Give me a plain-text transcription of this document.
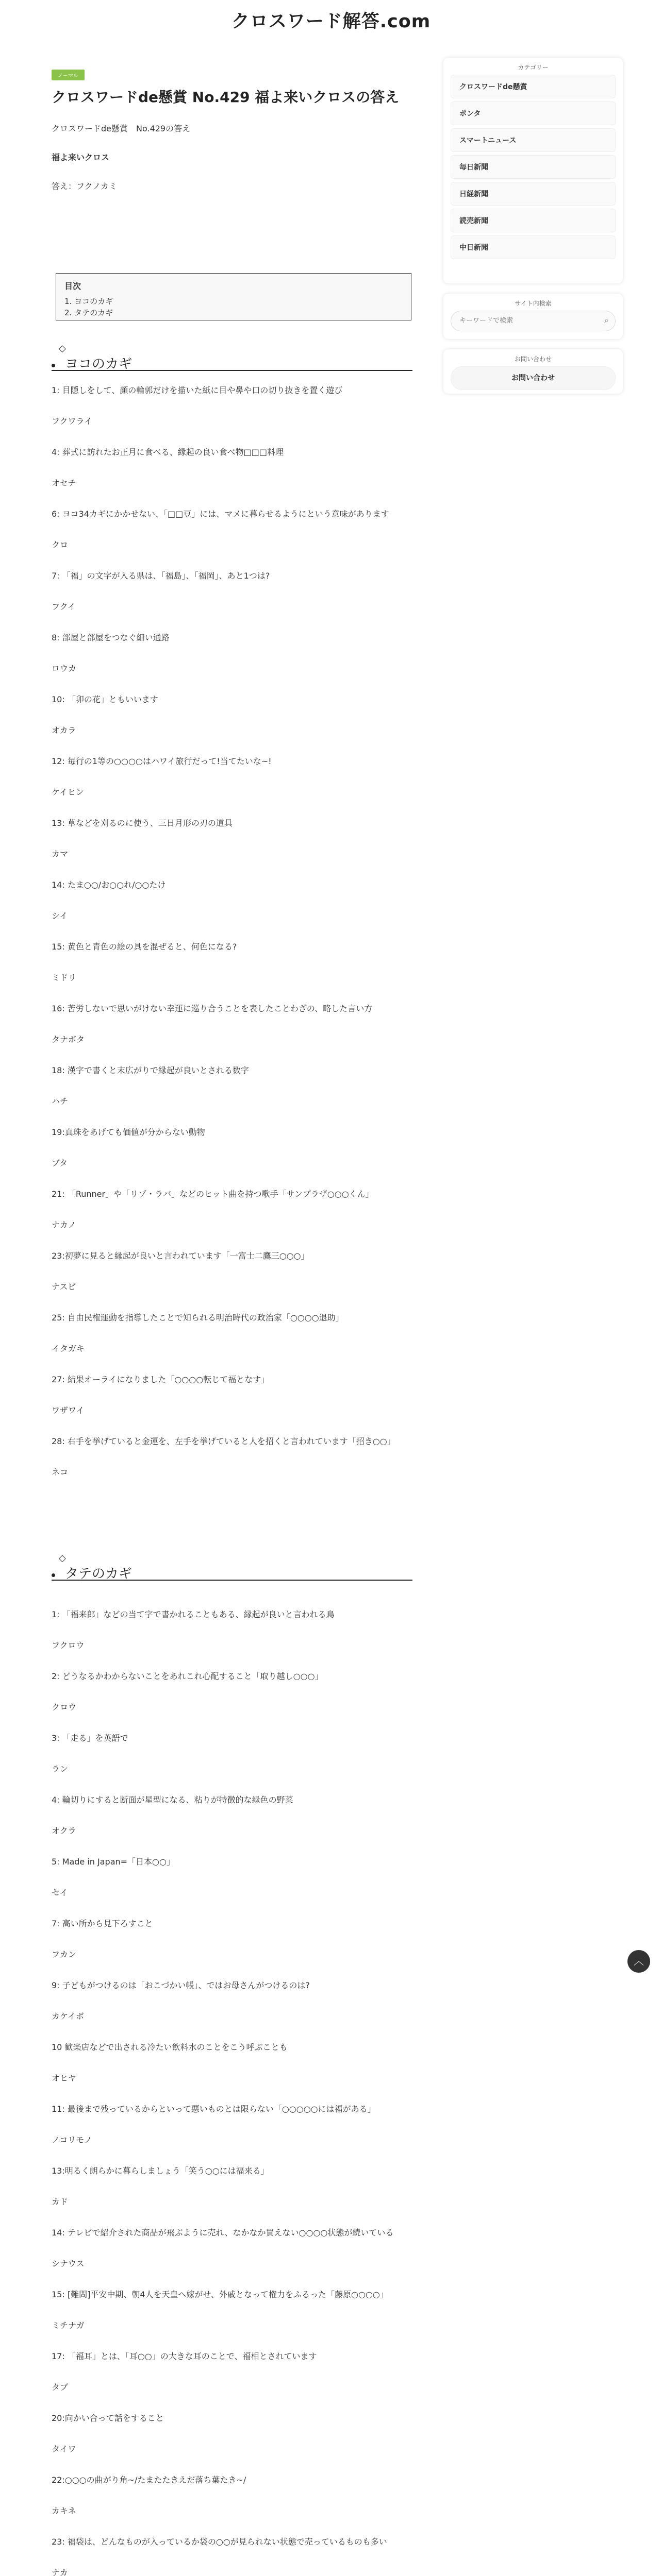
クロスワード解答.com
ノーマル
クロスワードde懸賞 No.429 福よ来いクロスの答え

クロスワードde懸賞　No.429の答え

福よ来いクロス

答え：フクノカミ

目次
1. ヨコのカギ
2. タテのカギ
◇
ヨコのカギ

1: 目隠しをして、顔の輪郭だけを描いた紙に目や鼻や口の切り抜きを置く遊び

フクワライ

4: 葬式に訪れたお正月に食べる、縁起の良い食べ物□□□料理

オセチ

6: ヨコ34カギにかかせない、「□□豆」には、マメに暮らせるようにという意味があります

クロ

7: 「福」の文字が入る県は、「福島」、「福岡」、あと1つは?

フクイ

8: 部屋と部屋をつなぐ細い通路

ロウカ

10: 「卯の花」ともいいます

オカラ

12: 毎行の1等の○○○○はハワイ旅行だって!当てたいな~!

ケイヒン

13: 草などを刈るのに使う、三日月形の刃の道具

カマ

14: たま○○/お○○れ/○○たけ

シイ

15: 黄色と青色の絵の具を混ぜると、何色になる?

ミドリ

16: 苦労しないで思いがけない幸運に巡り合うことを表したことわざの、略した言い方

タナボタ

18: 漢字で書くと末広がりで縁起が良いとされる数字

ハチ

19:真珠をあげても価値が分からない動物

ブタ

21: 「Runner」や「リゾ・ラバ」などのヒット曲を持つ歌手「サンプラザ○○○くん」

ナカノ

23:初夢に見ると縁起が良いと言われています「一富士二鷹三○○○」

ナスビ

25: 自由民権運動を指導したことで知られる明治時代の政治家「○○○○退助」

イタガキ

27: 結果オーライになりました「○○○○転じて福となす」

ワザワイ

28: 右手を挙げていると金運を、左手を挙げていると人を招くと言われています「招き○○」

ネコ

◇
タテのカギ

1: 「福来郎」などの当て字で書かれることもある、縁起が良いと言われる鳥

フクロウ

2: どうなるかわからないことをあれこれ心配すること「取り越し○○○」

クロウ

3: 「走る」を英語で

ラン

4: 輪切りにすると断面が星型になる、粘りが特徴的な緑色の野菜

オクラ

5: Made in Japan=「日本○○」

セイ

7: 高い所から見下ろすこと

フカン

9: 子どもがつけるのは「おこづかい帳」、ではお母さんがつけるのは?

カケイボ

10 歓楽店などで出される冷たい飲料水のことをこう呼ぶことも

オヒヤ

11: 最後まで残っているからといって悪いものとは限らない「○○○○○には福がある」

ノコリモノ

13:明るく朗らかに暮らしましょう「笑う○○には福来る」

カド

14: テレビで紹介された商品が飛ぶように売れ、なかなか買えない○○○○状態が続いている

シナウス

15: [難問]平安中期、朝4人を天皇へ嫁がせ、外戚となって権力をふるった「藤原○○○○」

ミチナガ

17: 「福耳」とは、「耳○○」の大きな耳のことで、福相とされています

タブ

20:向かい合って話をすること

タイワ

22:○○○の曲がり角~/たまたたきえだ落ち葉たき~/

カキネ

23: 福袋は、どんなものが入っているか袋の○○が見られない状態で売っているものも多い

ナカ

カテゴリー
クロスワードde懸賞
ポンタ
スマートニュース
毎日新聞
日経新聞
読売新聞
中日新聞
サイト内検索
キーワードで検索
⌕
お問い合わせ
お問い合わせ
︿
